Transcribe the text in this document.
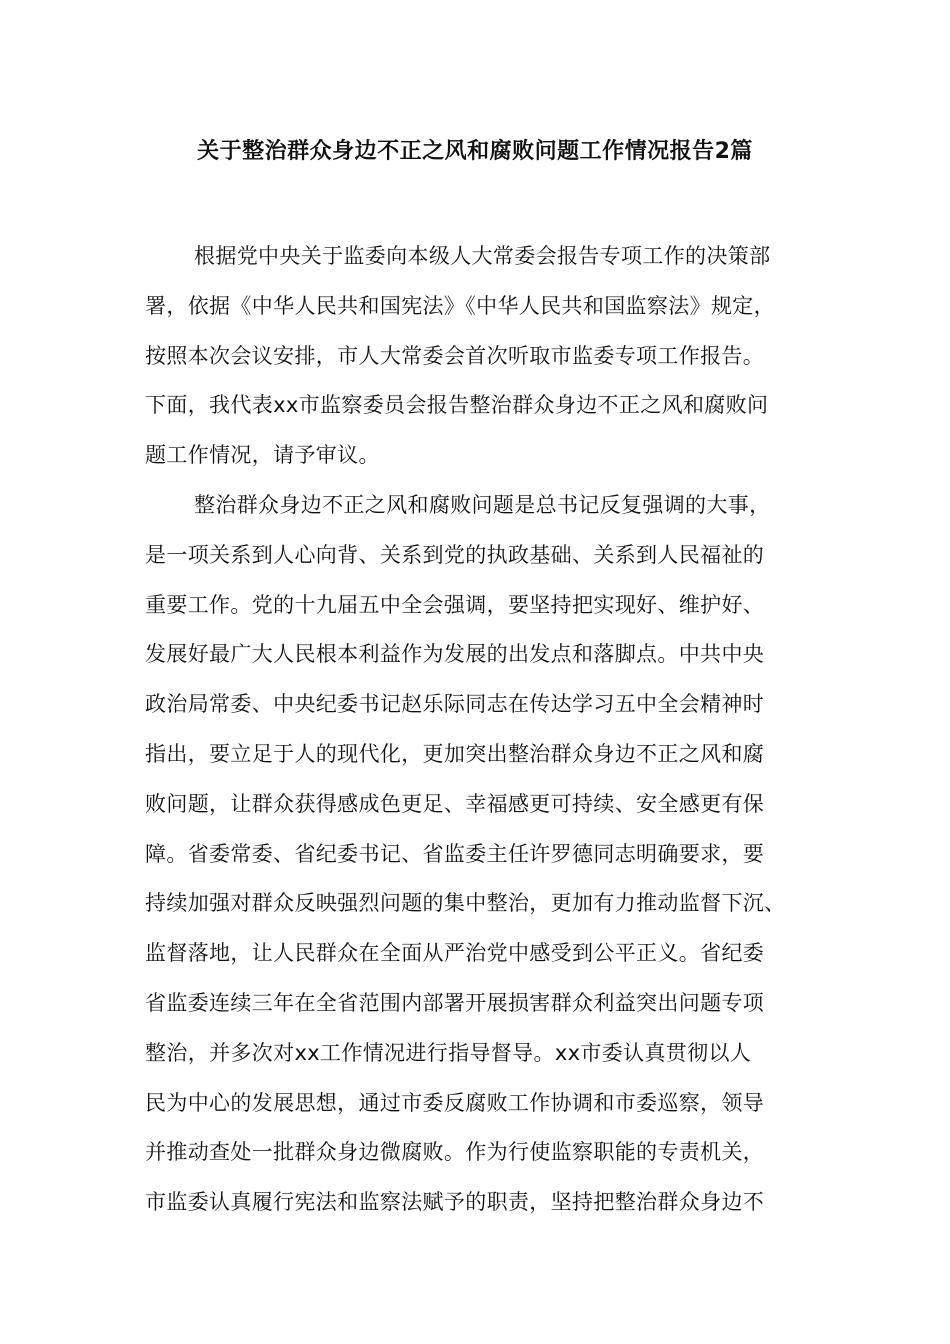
关于整治群众身边不正之风和腐败问题工作情况报告2篇
根据党中央关于监委向本级人大常委会报告专项工作的决策部
署，依据《中华人民共和国宪法》《中华人民共和国监察法》规定，
按照本次会议安排，市人大常委会首次听取市监委专项工作报告。
下面，我代表xx市监察委员会报告整治群众身边不正之风和腐败问
题工作情况，请予审议。
整治群众身边不正之风和腐败问题是总书记反复强调的大事，
是一项关系到人心向背、关系到党的执政基础、关系到人民福祉的
重要工作。党的十九届五中全会强调，要坚持把实现好、维护好、
发展好最广大人民根本利益作为发展的出发点和落脚点。中共中央
政治局常委、中央纪委书记赵乐际同志在传达学习五中全会精神时
指出，要立足于人的现代化，更加突出整治群众身边不正之风和腐
败问题，让群众获得感成色更足、幸福感更可持续、安全感更有保
障。省委常委、省纪委书记、省监委主任许罗德同志明确要求，要
持续加强对群众反映强烈问题的集中整治，更加有力推动监督下沉、
监督落地，让人民群众在全面从严治党中感受到公平正义。省纪委
省监委连续三年在全省范围内部署开展损害群众利益突出问题专项
整治，并多次对xx工作情况进行指导督导。xx市委认真贯彻以人
民为中心的发展思想，通过市委反腐败工作协调和市委巡察，领导
并推动查处一批群众身边微腐败。作为行使监察职能的专责机关，
市监委认真履行宪法和监察法赋予的职责，坚持把整治群众身边不
